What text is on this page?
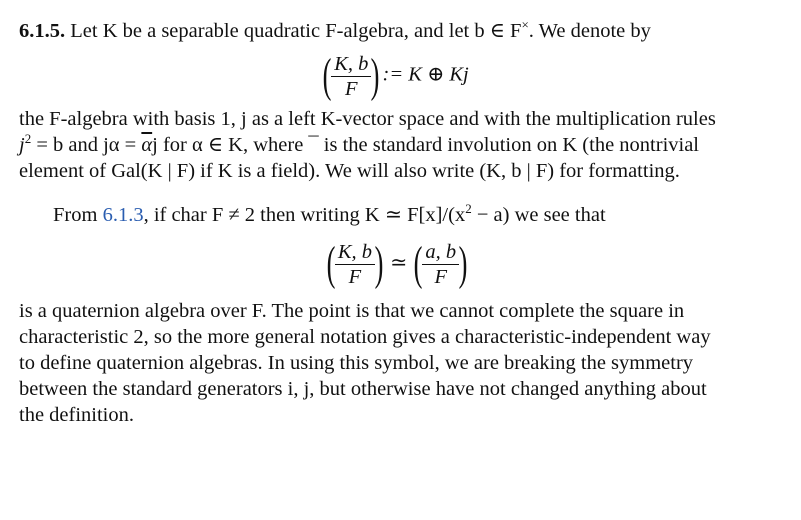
6.1.5. Let K be a separable quadratic F-algebra, and let b ∈ F×. We denote by

( $\frac{K, b}{F}$ ) := K ⊕ Kj

the F-algebra with basis 1, j as a left K-vector space and with the multiplication rules
$j^2 = b$ and $j\alpha = \overline{\alpha}j$ for α ∈ K, where ¯ is the standard involution on K (the nontrivial
element of Gal(K | F) if K is a field). We will also write (K, b | F) for formatting.

From 6.1.3, if char F ≠ 2 then writing K ≃ $F[x]/(x^2 - a)$ we see that

( $\frac{K, b}{F}$ ) ≃ ( $\frac{a, b}{F}$ )

is a quaternion algebra over F. The point is that we cannot complete the square in
characteristic 2, so the more general notation gives a characteristic-independent way
to define quaternion algebras. In using this symbol, we are breaking the symmetry
between the standard generators i, j, but otherwise have not changed anything about
the definition.
